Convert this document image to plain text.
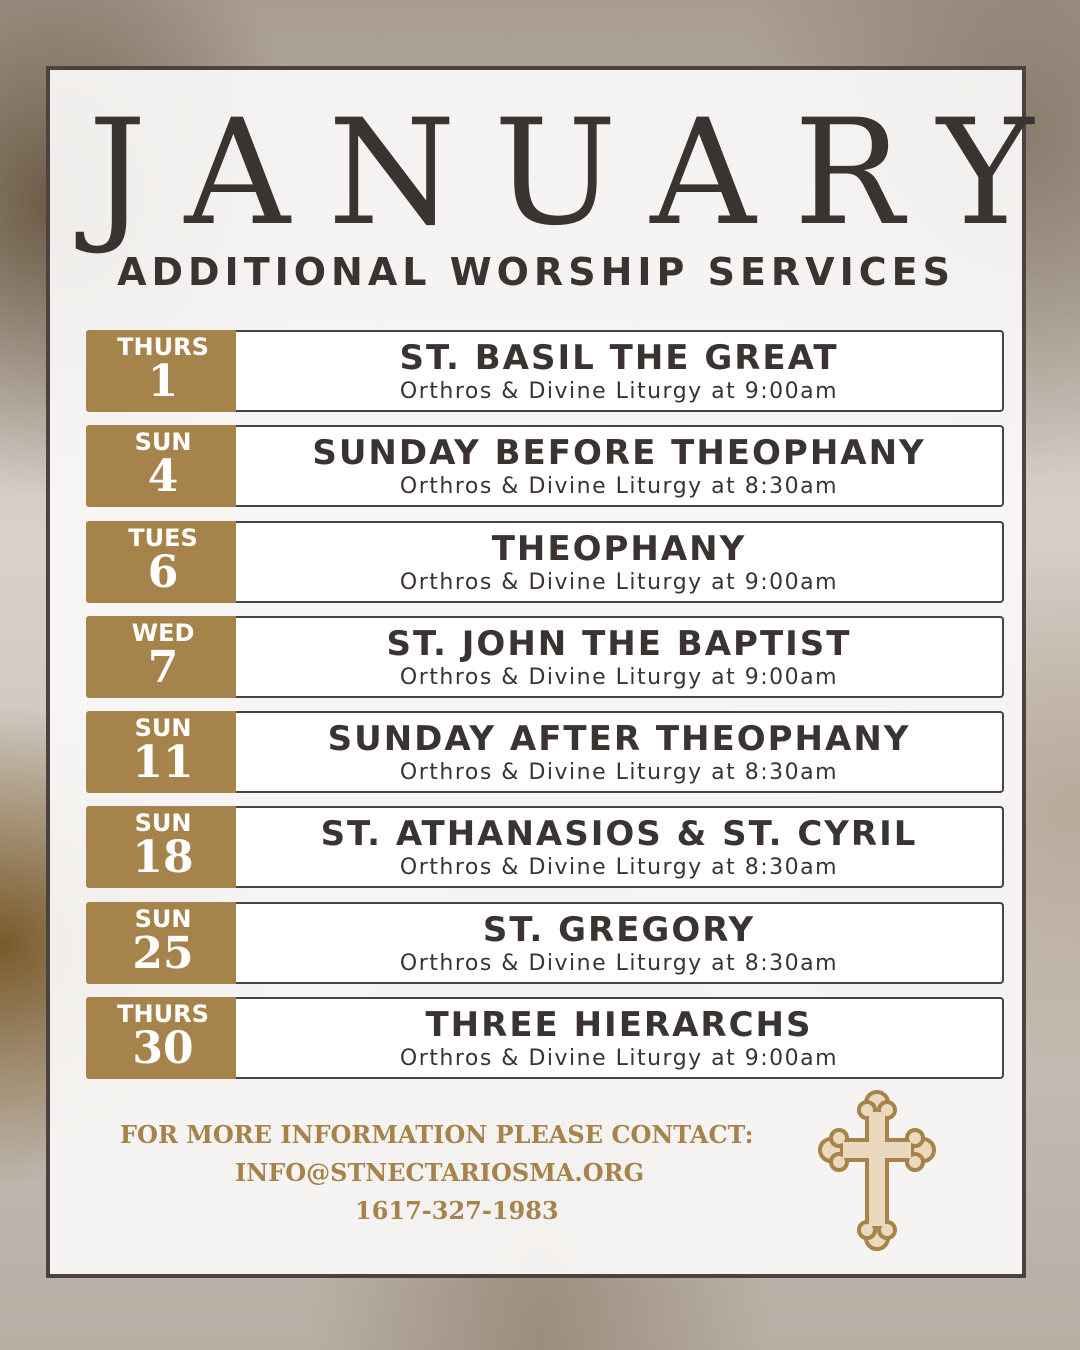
JANUARY
ADDITIONAL WORSHIP SERVICES
THURS
1	ST. BASIL THE GREAT
Orthros & Divine Liturgy at 9:00am
SUN
4	SUNDAY BEFORE THEOPHANY
Orthros & Divine Liturgy at 8:30am
TUES
6	THEOPHANY
Orthros & Divine Liturgy at 9:00am
WED
7	ST. JOHN THE BAPTIST
Orthros & Divine Liturgy at 9:00am
SUN
11	SUNDAY AFTER THEOPHANY
Orthros & Divine Liturgy at 8:30am
SUN
18	ST. ATHANASIOS & ST. CYRIL
Orthros & Divine Liturgy at 8:30am
SUN
25	ST. GREGORY
Orthros & Divine Liturgy at 8:30am
THURS
30	THREE HIERARCHS
Orthros & Divine Liturgy at 9:00am
FOR MORE INFORMATION PLEASE CONTACT:
INFO@STNECTARIOSMA.ORG
1617-327-1983
